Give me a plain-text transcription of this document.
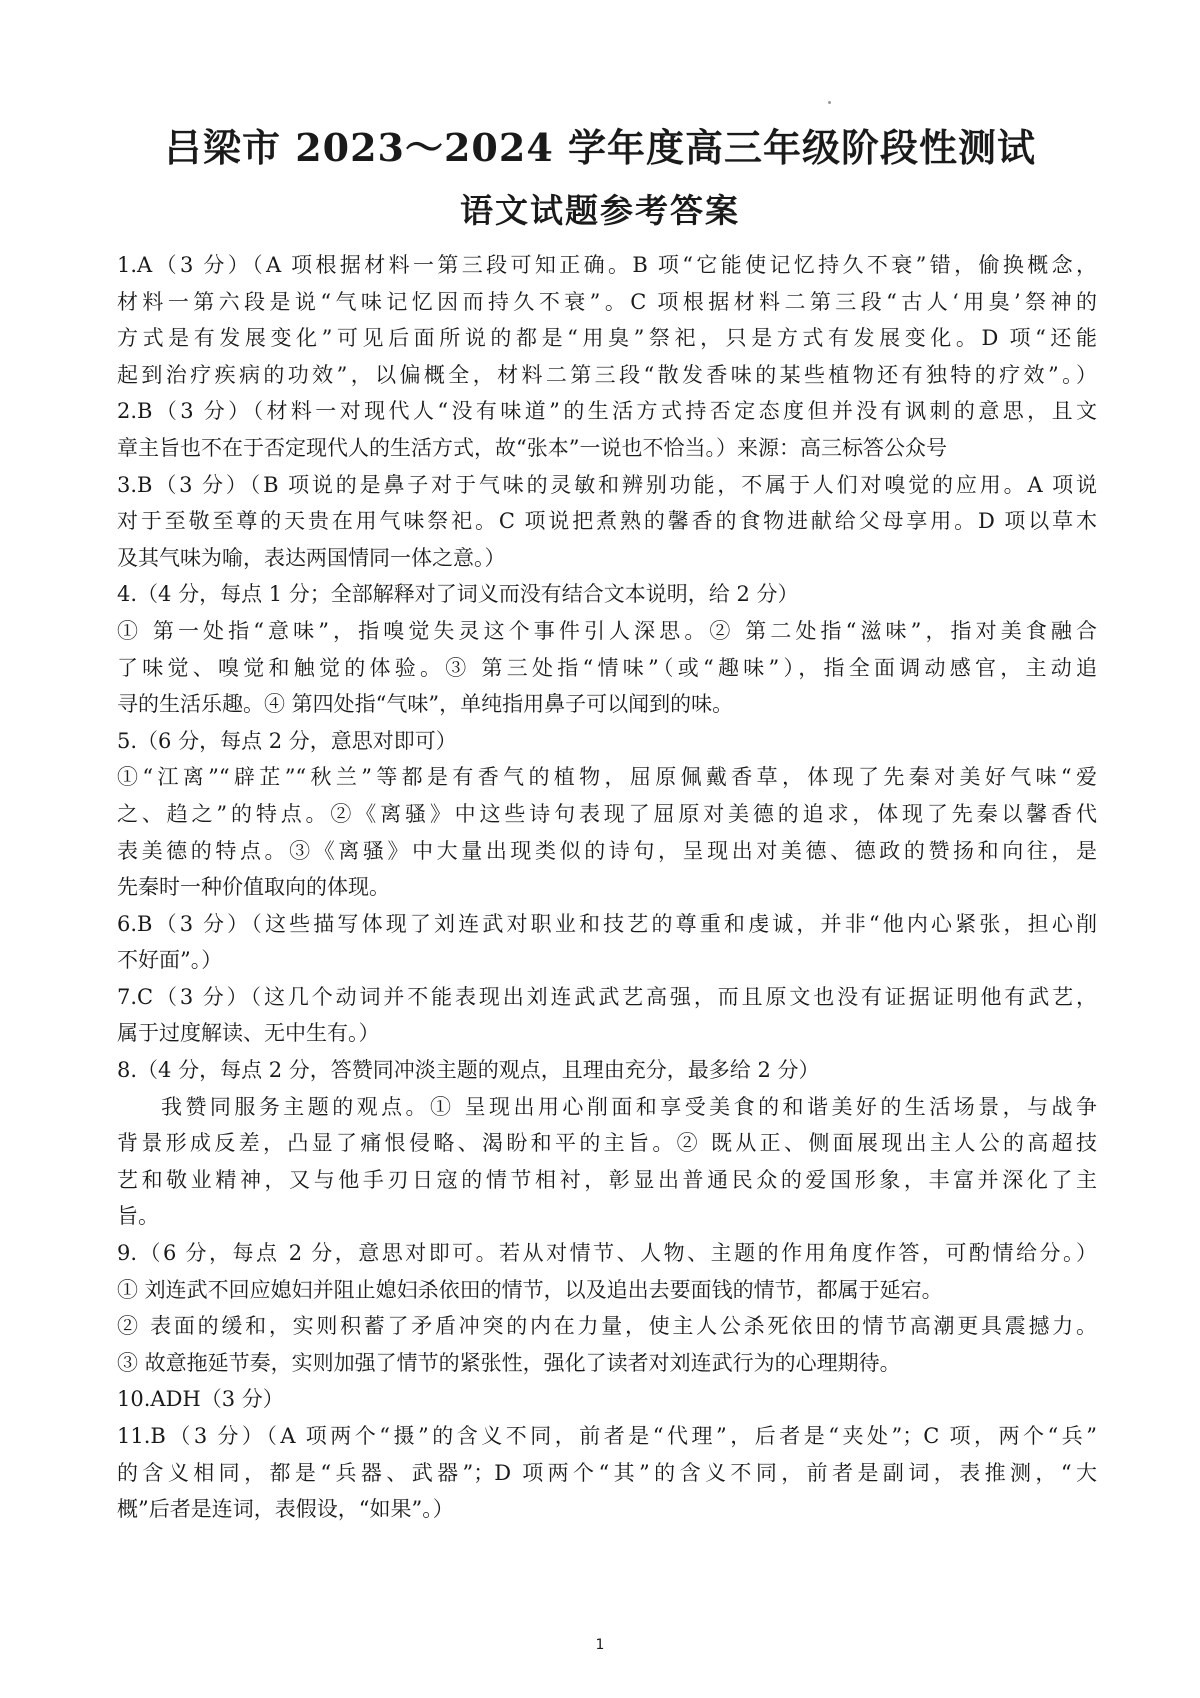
吕梁市 2023～2024 学年度高三年级阶段性测试
语文试题参考答案
1.A（3 分）（A 项根据材料一第三段可知正确。B 项“它能使记忆持久不衰”错，偷换概念，
材料一第六段是说“气味记忆因而持久不衰”。C 项根据材料二第三段“古人‘用臭’祭神的
方式是有发展变化”可见后面所说的都是“用臭”祭祀，只是方式有发展变化。D 项“还能
起到治疗疾病的功效”，以偏概全，材料二第三段“散发香味的某些植物还有独特的疗效”。）
2.B（3 分）（材料一对现代人“没有味道”的生活方式持否定态度但并没有讽刺的意思，且文
章主旨也不在于否定现代人的生活方式，故“张本”一说也不恰当。）来源：高三标答公众号
3.B（3 分）（B 项说的是鼻子对于气味的灵敏和辨别功能，不属于人们对嗅觉的应用。A 项说
对于至敬至尊的天贵在用气味祭祀。C 项说把煮熟的馨香的食物进献给父母享用。D 项以草木
及其气味为喻，表达两国情同一体之意。）
4.（4 分，每点 1 分；全部解释对了词义而没有结合文本说明，给 2 分）
① 第一处指“意味”，指嗅觉失灵这个事件引人深思。② 第二处指“滋味”，指对美食融合
了味觉、嗅觉和触觉的体验。③ 第三处指“情味”（或“趣味”），指全面调动感官，主动追
寻的生活乐趣。④ 第四处指“气味”，单纯指用鼻子可以闻到的味。
5.（6 分，每点 2 分，意思对即可）
①“江离”“辟芷”“秋兰”等都是有香气的植物，屈原佩戴香草，体现了先秦对美好气味“爱
之、趋之”的特点。②《离骚》中这些诗句表现了屈原对美德的追求，体现了先秦以馨香代
表美德的特点。③《离骚》中大量出现类似的诗句，呈现出对美德、德政的赞扬和向往，是
先秦时一种价值取向的体现。
6.B（3 分）（这些描写体现了刘连武对职业和技艺的尊重和虔诚，并非“他内心紧张，担心削
不好面”。）
7.C（3 分）（这几个动词并不能表现出刘连武武艺高强，而且原文也没有证据证明他有武艺，
属于过度解读、无中生有。）
8.（4 分，每点 2 分，答赞同冲淡主题的观点，且理由充分，最多给 2 分）
我赞同服务主题的观点。① 呈现出用心削面和享受美食的和谐美好的生活场景，与战争
背景形成反差，凸显了痛恨侵略、渴盼和平的主旨。② 既从正、侧面展现出主人公的高超技
艺和敬业精神，又与他手刃日寇的情节相衬，彰显出普通民众的爱国形象，丰富并深化了主
旨。
9.（6 分，每点 2 分，意思对即可。若从对情节、人物、主题的作用角度作答，可酌情给分。）
① 刘连武不回应媳妇并阻止媳妇杀依田的情节，以及追出去要面钱的情节，都属于延宕。
② 表面的缓和，实则积蓄了矛盾冲突的内在力量，使主人公杀死依田的情节高潮更具震撼力。
③ 故意拖延节奏，实则加强了情节的紧张性，强化了读者对刘连武行为的心理期待。
10.ADH（3 分）
11.B（3 分）（A 项两个“摄”的含义不同，前者是“代理”，后者是“夹处”；C 项，两个“兵”
的含义相同，都是“兵器、武器”；D 项两个“其”的含义不同，前者是副词，表推测，“大
概”后者是连词，表假设，“如果”。）
1
